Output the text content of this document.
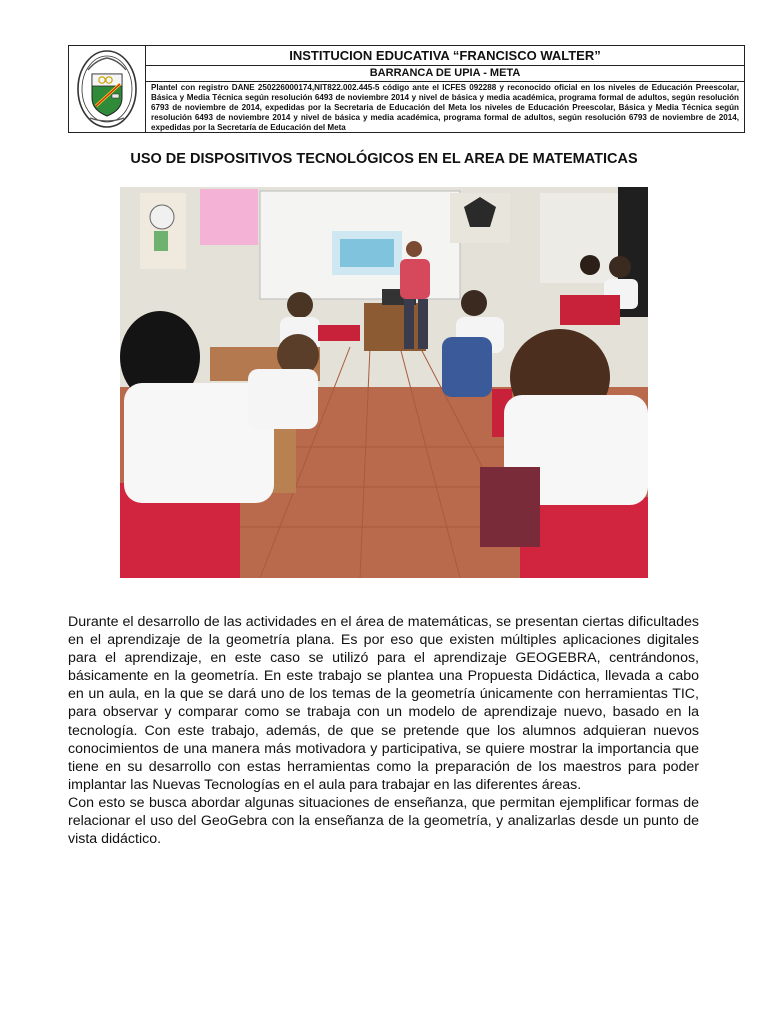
INSTITUCION EDUCATIVA “FRANCISCO WALTER”
BARRANCA DE UPIA - META
Plantel con registro DANE 250226000174,NIT822.002.445-5 código ante el ICFES 092288 y reconocido oficial en los niveles de Educación Preescolar, Básica y Media Técnica según resolución 6493 de noviembre 2014 y nivel de básica y media académica, programa formal de adultos, según resolución 6793 de noviembre de 2014, expedidas por la Secretaria de Educación del Meta los niveles de Educación Preescolar, Básica y Media Técnica según resolución 6493 de noviembre 2014 y nivel de básica y media académica, programa formal de adultos, según resolución 6793 de noviembre de 2014, expedidas por la Secretaría de Educación del Meta
USO DE DISPOSITIVOS TECNOLÓGICOS EN EL AREA DE MATEMATICAS

Durante el desarrollo de las actividades en el área de matemáticas, se presentan ciertas dificultades en el aprendizaje de la geometría plana. Es por eso que existen múltiples aplicaciones digitales para el aprendizaje, en este caso se utilizó para el aprendizaje GEOGEBRA, centrándonos, básicamente en la geometría. En este trabajo se plantea una Propuesta Didáctica, llevada a cabo en un aula, en la que se dará uno de los temas de la geometría únicamente con herramientas TIC, para observar y comparar como se trabaja con un modelo de aprendizaje nuevo, basado en la tecnología. Con este trabajo, además, de que se pretende que los alumnos adquieran nuevos conocimientos de una manera más motivadora y participativa, se quiere mostrar la importancia que tiene en su desarrollo con estas herramientas como la preparación de los maestros para poder implantar las Nuevas Tecnologías en el aula para trabajar en las diferentes áreas.

Con esto se busca abordar algunas situaciones de enseñanza, que permitan ejemplificar formas de relacionar el uso del GeoGebra con la enseñanza de la geometría, y analizarlas desde un punto de vista didáctico.
